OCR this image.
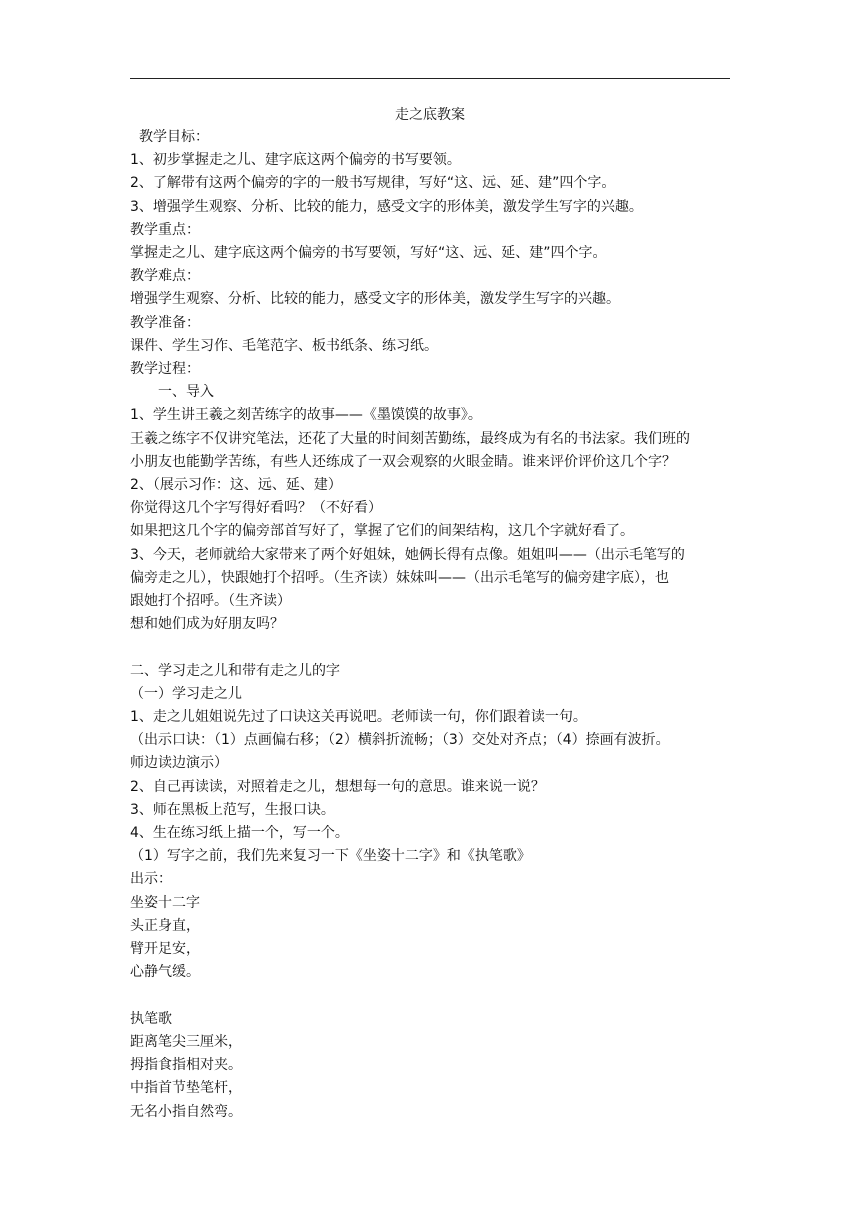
走之底教案
教学目标：
1、初步掌握走之儿、建字底这两个偏旁的书写要领。
2、了解带有这两个偏旁的字的一般书写规律，写好“这、远、延、建”四个字。
3、增强学生观察、分析、比较的能力，感受文字的形体美，激发学生写字的兴趣。
教学重点：
掌握走之儿、建字底这两个偏旁的书写要领，写好“这、远、延、建”四个字。
教学难点：
增强学生观察、分析、比较的能力，感受文字的形体美，激发学生写字的兴趣。
教学准备：
课件、学生习作、毛笔范字、板书纸条、练习纸。
教学过程：
一、导入
1、学生讲王羲之刻苦练字的故事——《墨馍馍的故事》。
王羲之练字不仅讲究笔法，还花了大量的时间刻苦勤练，最终成为有名的书法家。我们班的
小朋友也能勤学苦练，有些人还练成了一双会观察的火眼金睛。谁来评价评价这几个字？
2、（展示习作：这、远、延、建）
你觉得这几个字写得好看吗？（不好看）
如果把这几个字的偏旁部首写好了，掌握了它们的间架结构，这几个字就好看了。
3、今天，老师就给大家带来了两个好姐妹，她俩长得有点像。姐姐叫——（出示毛笔写的
偏旁走之儿），快跟她打个招呼。（生齐读）妹妹叫——（出示毛笔写的偏旁建字底），也
跟她打个招呼。（生齐读）
想和她们成为好朋友吗？
二、学习走之儿和带有走之儿的字
（一）学习走之儿
1、走之儿姐姐说先过了口诀这关再说吧。老师读一句，你们跟着读一句。
（出示口诀：（1）点画偏右移；（2）横斜折流畅；（3）交处对齐点；（4）捺画有波折。
师边读边演示）
2、自己再读读，对照着走之儿，想想每一句的意思。谁来说一说？
3、师在黑板上范写，生报口诀。
4、生在练习纸上描一个，写一个。
（1）写字之前，我们先来复习一下《坐姿十二字》和《执笔歌》
出示：
坐姿十二字
头正身直，
臂开足安，
心静气缓。
执笔歌
距离笔尖三厘米，
拇指食指相对夹。
中指首节垫笔杆，
无名小指自然弯。
